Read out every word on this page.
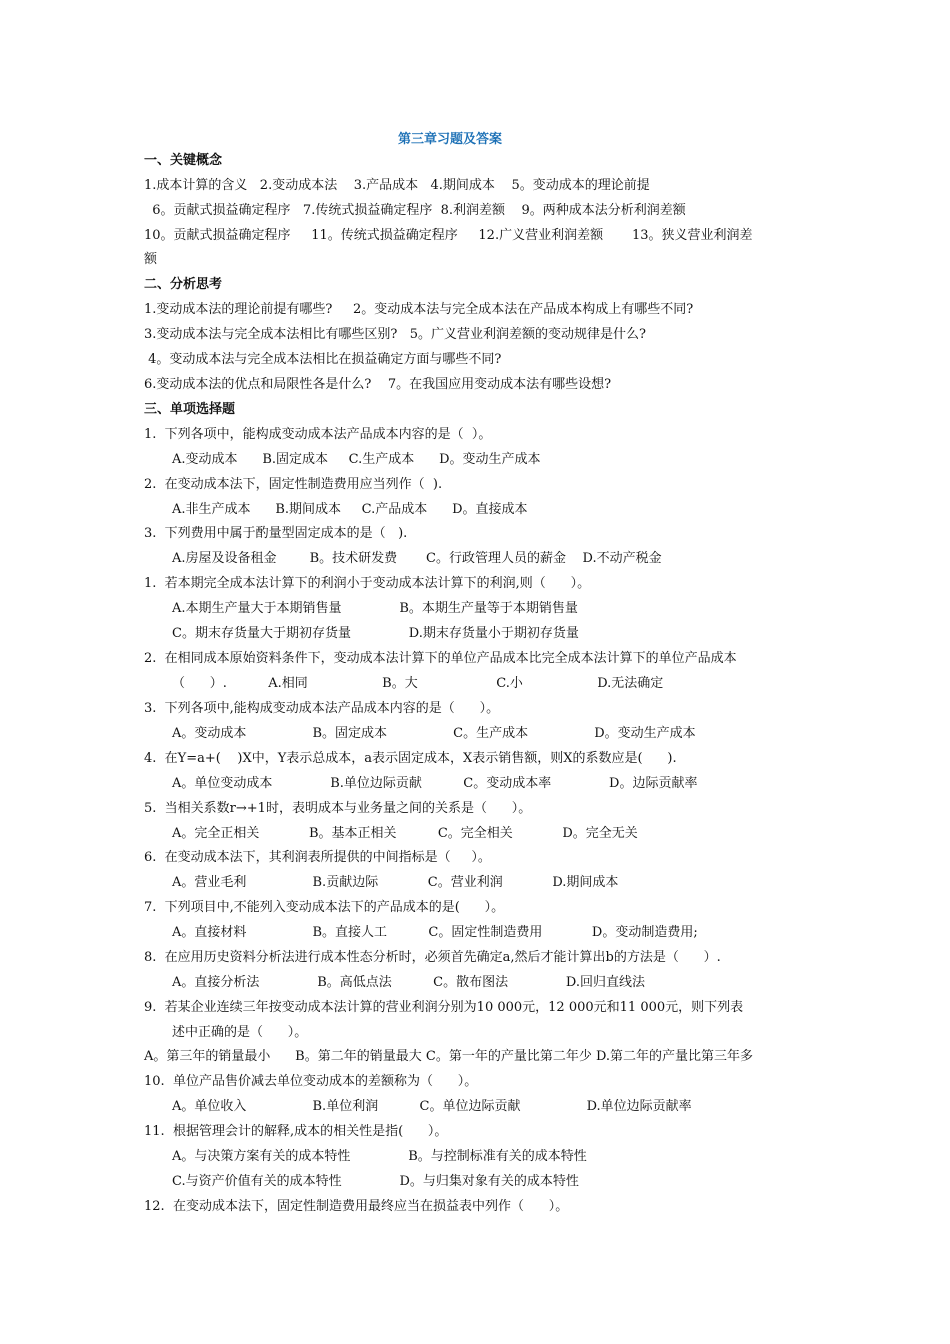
第三章习题及答案
一、关键概念
1.成本计算的含义   2.变动成本法    3.产品成本   4.期间成本    5。变动成本的理论前提
6。贡献式损益确定程序   7.传统式损益确定程序  8.利润差额    9。两种成本法分析利润差额
10。贡献式损益确定程序     11。传统式损益确定程序     12.广义营业利润差额       13。狭义营业利润差
额
二、分析思考
1.变动成本法的理论前提有哪些?     2。变动成本法与完全成本法在产品成本构成上有哪些不同?
3.变动成本法与完全成本法相比有哪些区别?   5。广义营业利润差额的变动规律是什么?
4。变动成本法与完全成本法相比在损益确定方面与哪些不同?
6.变动成本法的优点和局限性各是什么?    7。在我国应用变动成本法有哪些设想?
三、单项选择题
1.  下列各项中，能构成变动成本法产品成本内容的是（  ）。
A.变动成本      B.固定成本     C.生产成本      D。变动生产成本
2.  在变动成本法下，固定性制造费用应当列作（  ).
A.非生产成本      B.期间成本     C.产品成本      D。直接成本
3.  下列费用中属于酌量型固定成本的是（   ).
A.房屋及设备租金        B。技术研发费       C。行政管理人员的薪金    D.不动产税金
1.  若本期完全成本法计算下的利润小于变动成本法计算下的利润,则（      ）。
A.本期生产量大于本期销售量              B。本期生产量等于本期销售量
C。期末存货量大于期初存货量              D.期末存货量小于期初存货量
2.  在相同成本原始资料条件下，变动成本法计算下的单位产品成本比完全成本法计算下的单位产品成本
（      ）.          A.相同                  B。大                   C.小                  D.无法确定
3.  下列各项中,能构成变动成本法产品成本内容的是（      ）。
A。变动成本                B。固定成本                C。生产成本                D。变动生产成本
4.  在Y=a+(    )X中，Y表示总成本，a表示固定成本，X表示销售额，则X的系数应是(      ).
A。单位变动成本              B.单位边际贡献          C。变动成本率              D。边际贡献率
5.  当相关系数r→+1时，表明成本与业务量之间的关系是（      ）。
A。完全正相关            B。基本正相关          C。完全相关            D。完全无关
6.  在变动成本法下，其利润表所提供的中间指标是（     ）。
A。营业毛利                B.贡献边际            C。营业利润            D.期间成本
7.  下列项目中,不能列入变动成本法下的产品成本的是(      ）。
A。直接材料                B。直接人工          C。固定性制造费用            D。变动制造费用;
8.  在应用历史资料分析法进行成本性态分析时，必须首先确定a,然后才能计算出b的方法是（      ）.
A。直接分析法              B。高低点法          C。散布图法              D.回归直线法
9.  若某企业连续三年按变动成本法计算的营业利润分别为10 000元，12 000元和11 000元，则下列表
述中正确的是（      ）。
A。第三年的销量最小      B。第二年的销量最大 C。第一年的产量比第二年少 D.第二年的产量比第三年多
10.  单位产品售价减去单位变动成本的差额称为（      ）。
A。单位收入                B.单位利润          C。单位边际贡献                D.单位边际贡献率
11.  根据管理会计的解释,成本的相关性是指(      ）。
A。与决策方案有关的成本特性              B。与控制标准有关的成本特性
C.与资产价值有关的成本特性              D。与归集对象有关的成本特性
12.  在变动成本法下，固定性制造费用最终应当在损益表中列作（      ）。
